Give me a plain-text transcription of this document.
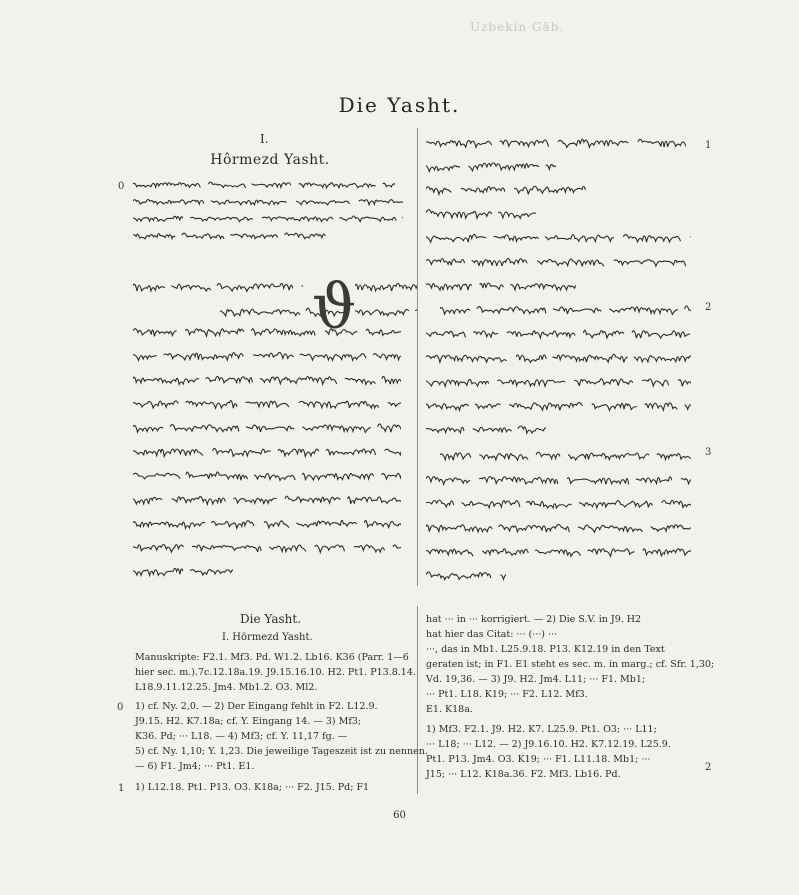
Uzbekin Gäb.
Die Yasht.
I.
Hôrmezd Yasht.
0
1
2
3
0
1
2
ϑ
Die Yasht.
I. Hörmezd Yasht.
Manuskripte: F2.1. Mf3. Pd. W1.2. Lb16. K36 (Parr. 1—6
hier sec. m.).7c.12.18a.19. J9.15.16.10. H2. Pt1. P13.8.14.
L18.9.11.12.25. Jm4. Mb1.2. O3. Ml2.
1) cf. Ny. 2,0. — 2) Der Eingang fehlt in F2. L12.9.
J9.15. H2. K7.18a; cf. Y. Eingang 14. — 3) Mf3;
K36. Pd; ··· L18. — 4) Mf3; cf. Y. 11,17 fg. —
5) cf. Ny. 1,10; Y. 1,23. Die jeweilige Tageszeit ist zu nennen.
— 6) F1. Jm4; ··· Pt1. E1.
1) L12.18. Pt1. P13. O3. K18a; ··· F2. J15. Pd; F1
hat ··· in ··· korrigiert. — 2) Die S.V. in J9. H2
hat hier das Citat: ··· (···) ···
···, das in Mb1. L25.9.18. P13. K12.19 in den Text
geraten ist; in F1. E1 steht es sec. m. in marg.; cf. Sfr. 1,30;
Vd. 19,36. — 3) J9. H2. Jm4. L11; ··· F1. Mb1;
··· Pt1. L18. K19; ··· F2. L12. Mf3.
E1. K18a.
1) Mf3. F2.1. J9. H2. K7. L25.9. Pt1. O3; ··· L11;
··· L18; ··· L12. — 2) J9.16.10. H2. K7.12.19. L25.9.
Pt1. P13. Jm4. O3. K19; ··· F1. L11.18. Mb1; ···
J15; ··· L12. K18a.36. F2. Mf3. Lb16. Pd.
60
